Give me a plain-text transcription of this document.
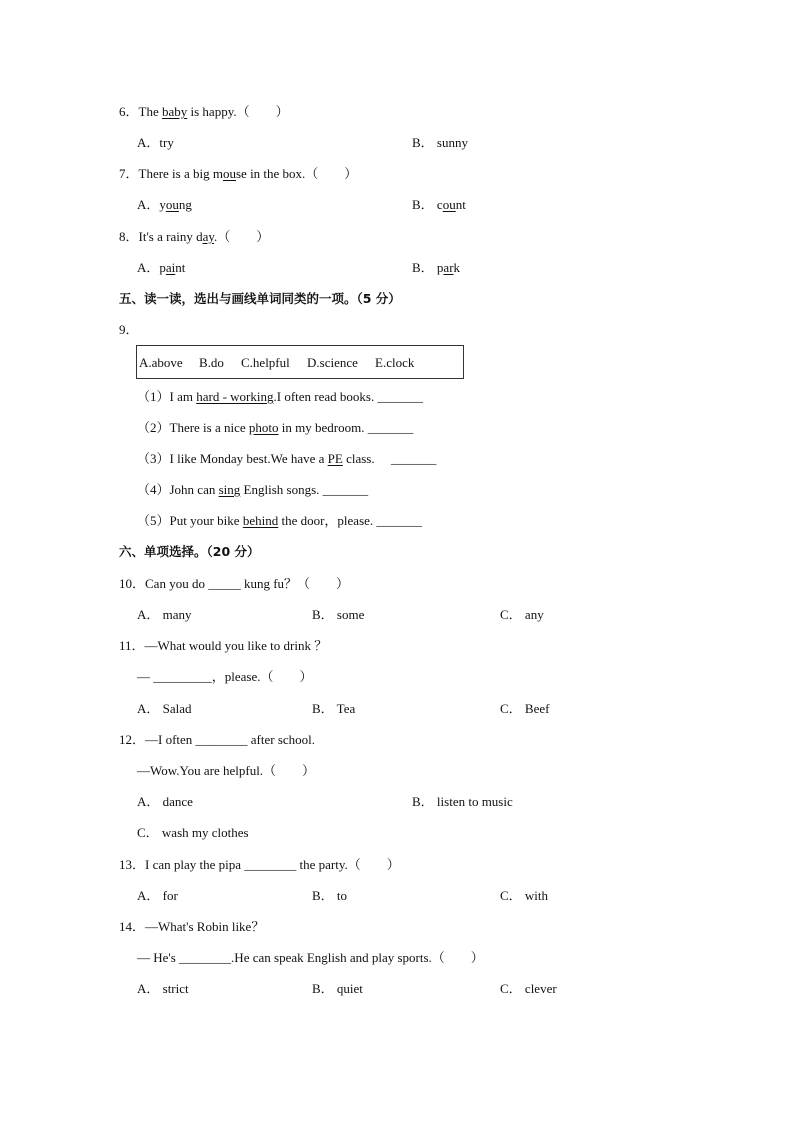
6．The baby is happy.（　　）
A．try	B． sunny
7．There is a big mouse in the box.（　　）
A．young	B． count
8．It's a rainy day.（　　）
A．paint	B． park
五、读一读，选出与画线单词同类的一项。（5 分）
9．
A.above B.do C.helpful D.science E.clock
（1）I am hard - working.I often read books. _______
（2）There is a nice photo in my bedroom. _______
（3）I like Monday best.We have a PE class.　 _______
（4）John can sing English songs. _______
（5）Put your bike behind the door，please. _______
六、单项选择。（20 分）
10．Can you do _____ kung fu？（　　）
A． many	B． some	C． any
11．—What would you like to drink ？
— _________，please.（　　）
A． Salad	B． Tea	C． Beef
12．—I often ________ after school.
—Wow.You are helpful.（　　）
A． dance	B． listen to music
C． wash my clothes
13．I can play the pipa ________ the party.（　　）
A． for	B． to	C． with
14．—What's Robin like？
— He's ________.He can speak English and play sports.（　　）
A． strict	B． quiet	C． clever
